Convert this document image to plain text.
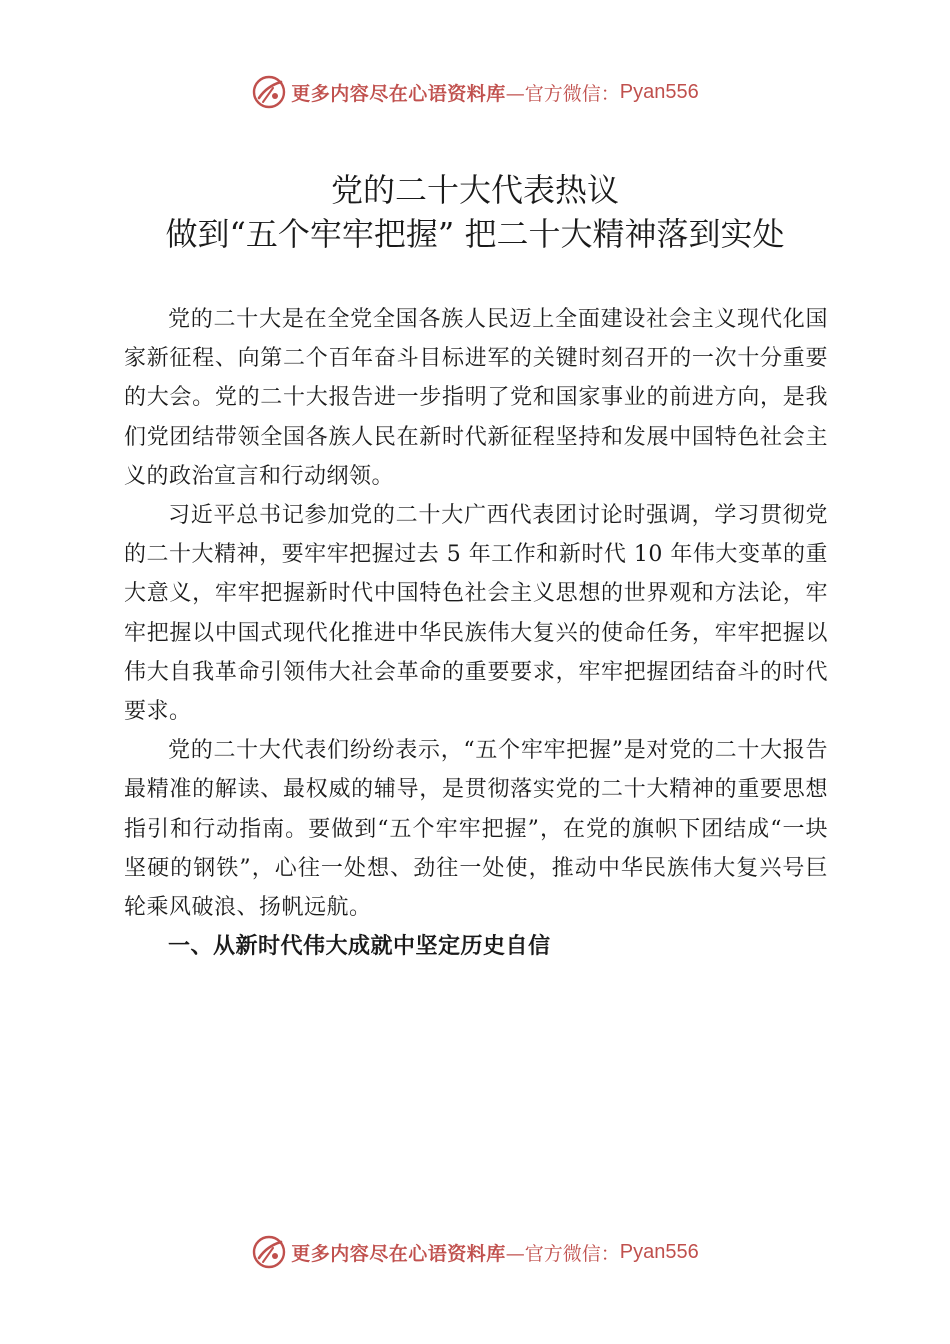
更多内容尽在心语资料库 —官方微信： Pyan556
党的二十大代表热议
做到“五个牢牢把握” 把二十大精神落到实处

党的二十大是在全党全国各族人民迈上全面建设社会主义现代化国家新征程、向第二个百年奋斗目标进军的关键时刻召开的一次十分重要的大会。党的二十大报告进一步指明了党和国家事业的前进方向，是我们党团结带领全国各族人民在新时代新征程坚持和发展中国特色社会主义的政治宣言和行动纲领。

习近平总书记参加党的二十大广西代表团讨论时强调，学习贯彻党的二十大精神，要牢牢把握过去 5 年工作和新时代 10 年伟大变革的重大意义，牢牢把握新时代中国特色社会主义思想的世界观和方法论，牢牢把握以中国式现代化推进中华民族伟大复兴的使命任务，牢牢把握以伟大自我革命引领伟大社会革命的重要要求，牢牢把握团结奋斗的时代要求。

党的二十大代表们纷纷表示，“五个牢牢把握”是对党的二十大报告最精准的解读、最权威的辅导，是贯彻落实党的二十大精神的重要思想指引和行动指南。要做到“五个牢牢把握”，在党的旗帜下团结成“一块坚硬的钢铁”，心往一处想、劲往一处使，推动中华民族伟大复兴号巨轮乘风破浪、扬帆远航。

一、从新时代伟大成就中坚定历史自信

更多内容尽在心语资料库 —官方微信： Pyan556
